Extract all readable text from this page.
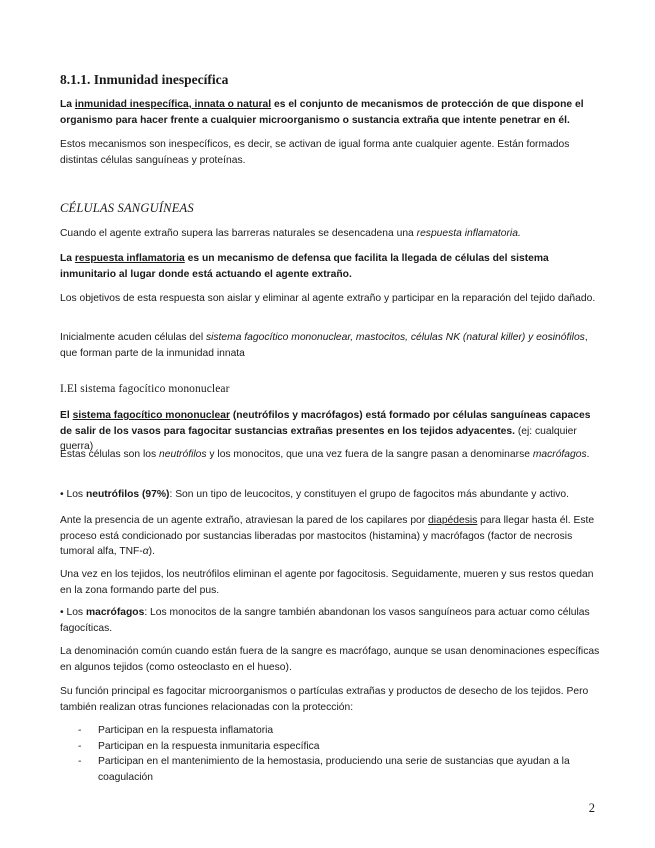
8.1.1. Inmunidad inespecífica

La inmunidad inespecífica, innata o natural es el conjunto de mecanismos de protección de que dispone el organismo para hacer frente a cualquier microorganismo o sustancia extraña que intente penetrar en él.

Estos mecanismos son inespecíficos, es decir, se activan de igual forma ante cualquier agente. Están formados distintas células sanguíneas y proteínas.

CÉLULAS SANGUÍNEAS

Cuando el agente extraño supera las barreras naturales se desencadena una respuesta inflamatoria.

La respuesta inflamatoria es un mecanismo de defensa que facilita la llegada de células del sistema inmunitario al lugar donde está actuando el agente extraño.

Los objetivos de esta respuesta son aislar y eliminar al agente extraño y participar en la reparación del tejido dañado.

Inicialmente acuden células del sistema fagocítico mononuclear, mastocitos, células NK (natural killer) y eosinófilos, que forman parte de la inmunidad innata

I.El sistema fagocítico mononuclear

El sistema fagocítico mononuclear (neutrófilos y macrófagos) está formado por células sanguíneas capaces de salir de los vasos para fagocitar sustancias extrañas presentes en los tejidos adyacentes. (ej: cualquier guerra)

Estas células son los neutrófilos y los monocitos, que una vez fuera de la sangre pasan a denominarse macrófagos.

• Los neutrófilos (97%): Son un tipo de leucocitos, y constituyen el grupo de fagocitos más abundante y activo.

Ante la presencia de un agente extraño, atraviesan la pared de los capilares por diapédesis para llegar hasta él. Este proceso está condicionado por sustancias liberadas por mastocitos (histamina) y macrófagos (factor de necrosis tumoral alfa, TNF-α).

Una vez en los tejidos, los neutrófilos eliminan el agente por fagocitosis. Seguidamente, mueren y sus restos quedan en la zona formando parte del pus.

• Los macrófagos: Los monocitos de la sangre también abandonan los vasos sanguíneos para actuar como células fagocíticas.

La denominación común cuando están fuera de la sangre es macrófago, aunque se usan denominaciones específicas en algunos tejidos (como osteoclasto en el hueso).

Su función principal es fagocitar microorganismos o partículas extrañas y productos de desecho de los tejidos. Pero también realizan otras funciones relacionadas con la protección:

- Participan en la respuesta inflamatoria
- Participan en la respuesta inmunitaria específica
- Participan en el mantenimiento de la hemostasia, produciendo una serie de sustancias que ayudan a la coagulación
2
